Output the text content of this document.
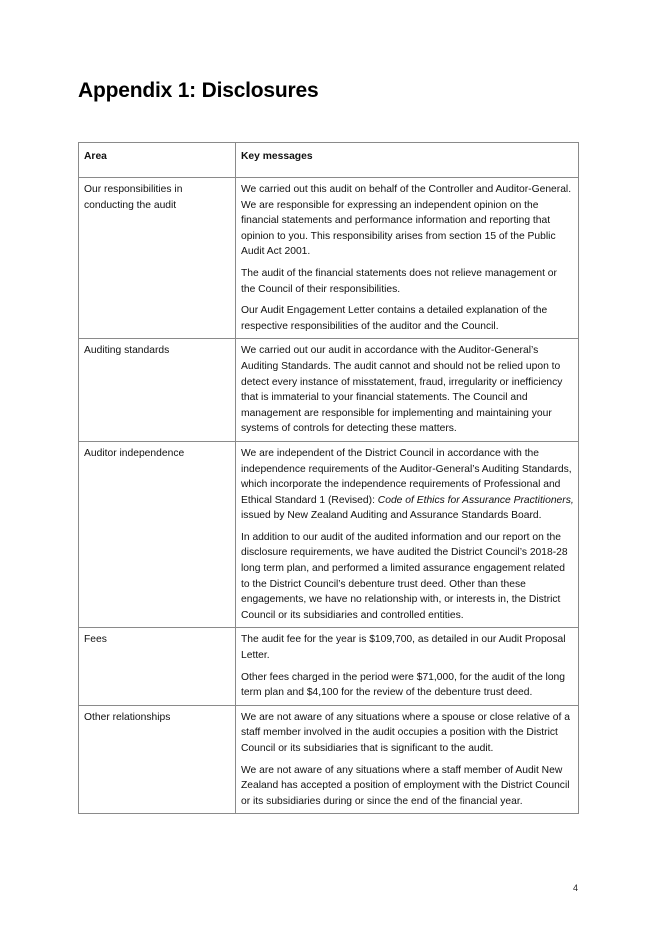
Appendix 1: Disclosures
Area	Key messages
Our responsibilities in conducting the audit	We carried out this audit on behalf of the Controller and Auditor-General. We are responsible for expressing an independent opinion on the financial statements and performance information and reporting that opinion to you. This responsibility arises from section 15 of the Public Audit Act 2001.

The audit of the financial statements does not relieve management or the Council of their responsibilities.

Our Audit Engagement Letter contains a detailed explanation of the respective responsibilities of the auditor and the Council.

Auditing standards	We carried out our audit in accordance with the Auditor-General’s Auditing Standards. The audit cannot and should not be relied upon to detect every instance of misstatement, fraud, irregularity or inefficiency that is immaterial to your financial statements. The Council and management are responsible for implementing and maintaining your systems of controls for detecting these matters.

Auditor independence	We are independent of the District Council in accordance with the independence requirements of the Auditor-General’s Auditing Standards, which incorporate the independence requirements of Professional and Ethical Standard 1 (Revised): Code of Ethics for Assurance Practitioners, issued by New Zealand Auditing and Assurance Standards Board.

In addition to our audit of the audited information and our report on the disclosure requirements, we have audited the District Council’s 2018-28 long term plan, and performed a limited assurance engagement related to the District Council’s debenture trust deed. Other than these engagements, we have no relationship with, or interests in, the District Council or its subsidiaries and controlled entities.

Fees	The audit fee for the year is $109,700, as detailed in our Audit Proposal Letter.

Other fees charged in the period were $71,000, for the audit of the long term plan and $4,100 for the review of the debenture trust deed.

Other relationships	We are not aware of any situations where a spouse or close relative of a staff member involved in the audit occupies a position with the District Council or its subsidiaries that is significant to the audit.

We are not aware of any situations where a staff member of Audit New Zealand has accepted a position of employment with the District Council or its subsidiaries during or since the end of the financial year.

4
